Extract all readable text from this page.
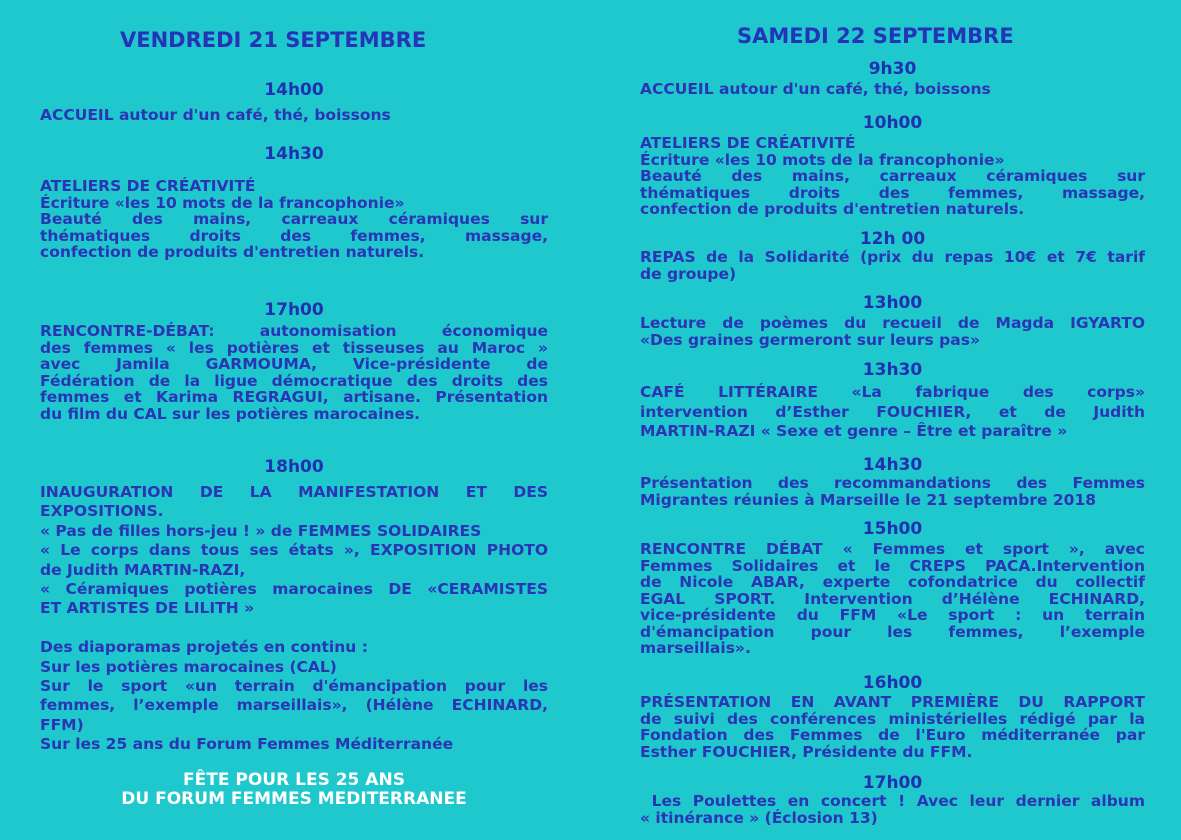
VENDREDI 21 SEPTEMBRE
14h00
ACCUEIL autour d'un café, thé, boissons
14h30
ATELIERS DE CRÉATIVITÉ
Écriture «les 10 mots de la francophonie»
Beauté des mains, carreaux céramiques sur
thématiques droits des femmes, massage,
confection de produits d'entretien naturels.
17h00
RENCONTRE-DÉBAT: autonomisation économique
des femmes « les potières et tisseuses au Maroc »
avec Jamila GARMOUMA, Vice-présidente de
Fédération de la ligue démocratique des droits des
femmes et Karima REGRAGUI, artisane. Présentation
du film du CAL sur les potières marocaines.
18h00
INAUGURATION DE LA MANIFESTATION ET DES
EXPOSITIONS.
« Pas de filles hors-jeu ! » de FEMMES SOLIDAIRES
« Le corps dans tous ses états », EXPOSITION PHOTO
de Judith MARTIN-RAZI,
« Céramiques potières marocaines DE «CERAMISTES
ET ARTISTES DE LILITH »
Des diaporamas projetés en continu :
Sur les potières marocaines (CAL)
Sur le sport «un terrain d'émancipation pour les
femmes, l’exemple marseillais», (Hélène ECHINARD,
FFM)
Sur les 25 ans du Forum Femmes Méditerranée
FÊTE POUR LES 25 ANS
DU FORUM FEMMES MEDITERRANEE
SAMEDI 22 SEPTEMBRE
9h30
ACCUEIL autour d'un café, thé, boissons
10h00
ATELIERS DE CRÉATIVITÉ
Écriture «les 10 mots de la francophonie»
Beauté des mains, carreaux céramiques sur
thématiques droits des femmes, massage,
confection de produits d'entretien naturels.
12h 00
REPAS de la Solidarité (prix du repas 10€ et 7€ tarif
de groupe)
13h00
Lecture de poèmes du recueil de Magda IGYARTO
«Des graines germeront sur leurs pas»
13h30
CAFÉ LITTÉRAIRE «La fabrique des corps»
intervention d’Esther FOUCHIER, et de Judith
MARTIN-RAZI « Sexe et genre – Être et paraître »
14h30
Présentation des recommandations des Femmes
Migrantes réunies à Marseille le 21 septembre 2018
15h00
RENCONTRE DÉBAT « Femmes et sport », avec
Femmes Solidaires et le CREPS PACA.Intervention
de Nicole ABAR, experte cofondatrice du collectif
EGAL SPORT. Intervention d’Hélène ECHINARD,
vice-présidente du FFM «Le sport : un terrain
d'émancipation pour les femmes, l’exemple
marseillais».
16h00
PRÉSENTATION EN AVANT PREMIÈRE DU RAPPORT
de suivi des conférences ministérielles rédigé par la
Fondation des Femmes de l'Euro méditerranée par
Esther FOUCHIER, Présidente du FFM.
17h00
Les Poulettes en concert ! Avec leur dernier album
« itinérance » (Éclosion 13)
